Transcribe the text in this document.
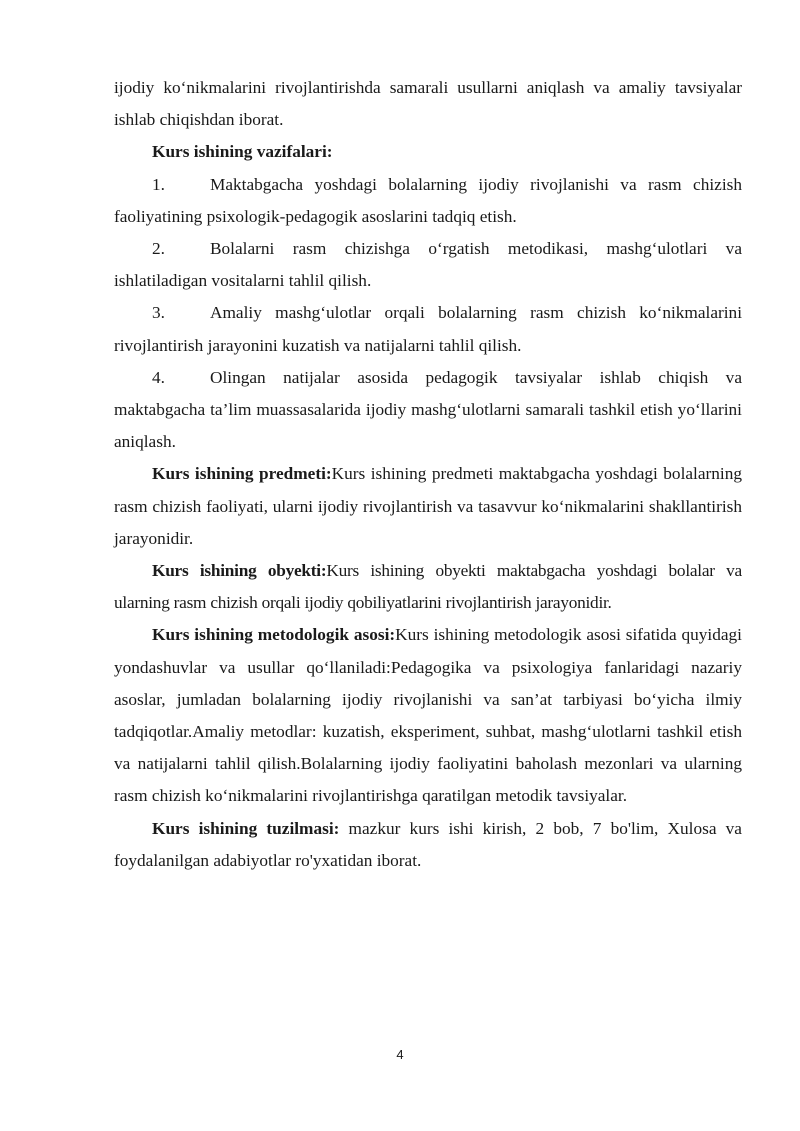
ijodiy ko‘nikmalarini rivojlantirishda samarali usullarni aniqlash va amaliy tavsiyalar ishlab chiqishdan iborat.

Kurs ishining vazifalari:

1.	Maktabgacha yoshdagi bolalarning ijodiy rivojlanishi va rasm chizish faoliyatining psixologik-pedagogik asoslarini tadqiq etish.

2.	Bolalarni rasm chizishga o‘rgatish metodikasi, mashg‘ulotlari va ishlatiladigan vositalarni tahlil qilish.

3.	Amaliy mashg‘ulotlar orqali bolalarning rasm chizish ko‘nikmalarini rivojlantirish jarayonini kuzatish va natijalarni tahlil qilish.

4.	Olingan natijalar asosida pedagogik tavsiyalar ishlab chiqish va maktabgacha ta’lim muassasalarida ijodiy mashg‘ulotlarni samarali tashkil etish yo‘llarini aniqlash.

Kurs ishining predmeti:Kurs ishining predmeti maktabgacha yoshdagi bolalarning rasm chizish faoliyati, ularni ijodiy rivojlantirish va tasavvur ko‘nikmalarini shakllantirish jarayonidir.

Kurs ishining obyekti:Kurs ishining obyekti maktabgacha yoshdagi bolalar va ularning rasm chizish orqali ijodiy qobiliyatlarini rivojlantirish jarayonidir.

Kurs ishining metodologik asosi:Kurs ishining metodologik asosi sifatida quyidagi yondashuvlar va usullar qo‘llaniladi:Pedagogika va psixologiya fanlaridagi nazariy asoslar, jumladan bolalarning ijodiy rivojlanishi va san’at tarbiyasi bo‘yicha ilmiy tadqiqotlar.Amaliy metodlar: kuzatish, eksperiment, suhbat, mashg‘ulotlarni tashkil etish va natijalarni tahlil qilish.Bolalarning ijodiy faoliyatini baholash mezonlari va ularning rasm chizish ko‘nikmalarini rivojlantirishga qaratilgan metodik tavsiyalar.

Kurs ishining tuzilmasi: mazkur kurs ishi kirish, 2 bob, 7 bo'lim, Xulosa va foydalanilgan adabiyotlar ro'yxatidan iborat.

4
